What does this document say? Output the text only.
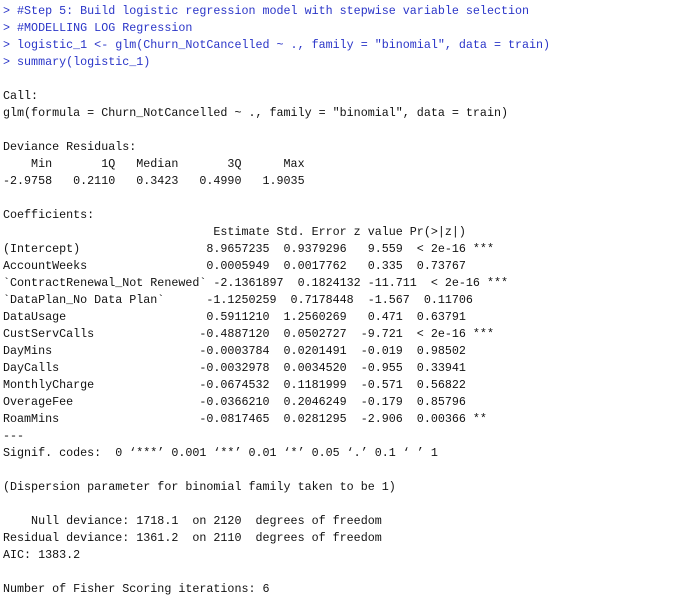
> #Step 5: Build logistic regression model with stepwise variable selection
> #MODELLING LOG Regression
> logistic_1 <- glm(Churn_NotCancelled ~ ., family = "binomial", data = train)
> summary(logistic_1)
Call:
glm(formula = Churn_NotCancelled ~ ., family = "binomial", data = train)
Deviance Residuals:
Min       1Q   Median       3Q      Max
-2.9758   0.2110   0.3423   0.4990   1.9035
Coefficients:
Estimate Std. Error z value Pr(>|z|)
(Intercept)                  8.9657235  0.9379296   9.559  < 2e-16 ***
AccountWeeks                 0.0005949  0.0017762   0.335  0.73767
`ContractRenewal_Not Renewed` -2.1361897  0.1824132 -11.711  < 2e-16 ***
`DataPlan_No Data Plan`      -1.1250259  0.7178448  -1.567  0.11706
DataUsage                    0.5911210  1.2560269   0.471  0.63791
CustServCalls               -0.4887120  0.0502727  -9.721  < 2e-16 ***
DayMins                     -0.0003784  0.0201491  -0.019  0.98502
DayCalls                    -0.0032978  0.0034520  -0.955  0.33941
MonthlyCharge               -0.0674532  0.1181999  -0.571  0.56822
OverageFee                  -0.0366210  0.2046249  -0.179  0.85796
RoamMins                    -0.0817465  0.0281295  -2.906  0.00366 **
---
Signif. codes:  0 ‘***’ 0.001 ‘**’ 0.01 ‘*’ 0.05 ‘.’ 0.1 ‘ ’ 1
(Dispersion parameter for binomial family taken to be 1)
Null deviance: 1718.1  on 2120  degrees of freedom
Residual deviance: 1361.2  on 2110  degrees of freedom
AIC: 1383.2
Number of Fisher Scoring iterations: 6
